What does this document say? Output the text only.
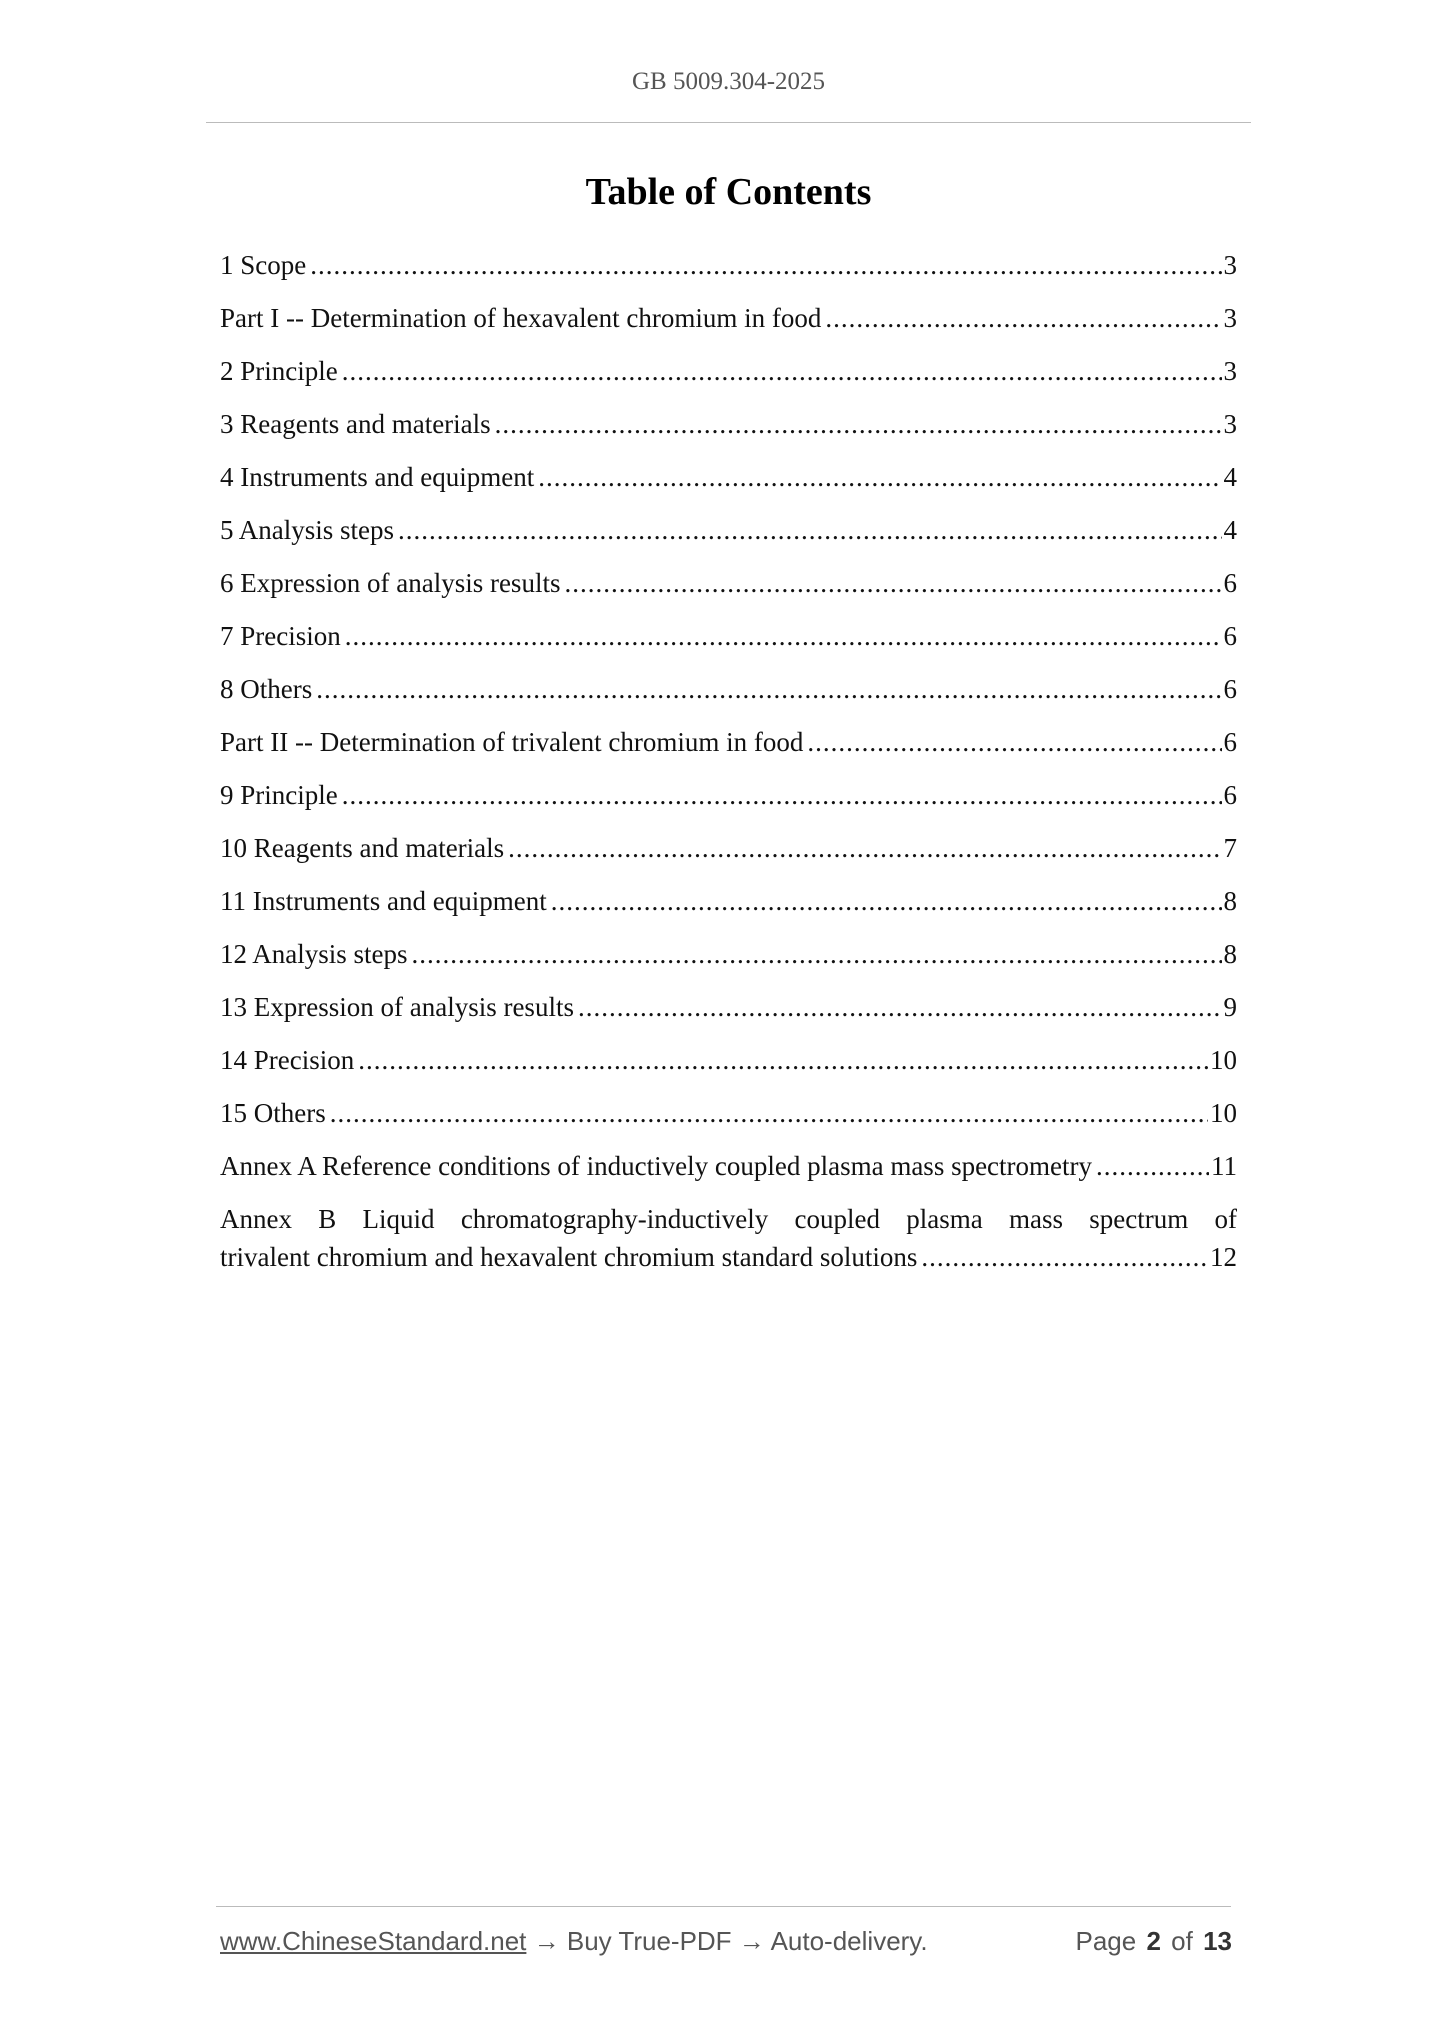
GB 5009.304-2025
Table of Contents
1 Scope .....	3
Part I -- Determination of hexavalent chromium in food .....	3
2 Principle .....	3
3 Reagents and materials .....	3
4 Instruments and equipment .....	4
5 Analysis steps .....	4
6 Expression of analysis results .....	6
7 Precision .....	6
8 Others .....	6
Part II -- Determination of trivalent chromium in food .....	6
9 Principle .....	6
10 Reagents and materials .....	7
11 Instruments and equipment .....	8
12 Analysis steps .....	8
13 Expression of analysis results .....	9
14 Precision .....	10
15 Others .....	10
Annex A Reference conditions of inductively coupled plasma mass spectrometry .....	11
Annex B Liquid chromatography-inductively coupled plasma mass spectrum of
trivalent chromium and hexavalent chromium standard solutions .....	12
www.ChineseStandard.net → Buy True-PDF → Auto-delivery.	Page 2 of 13
